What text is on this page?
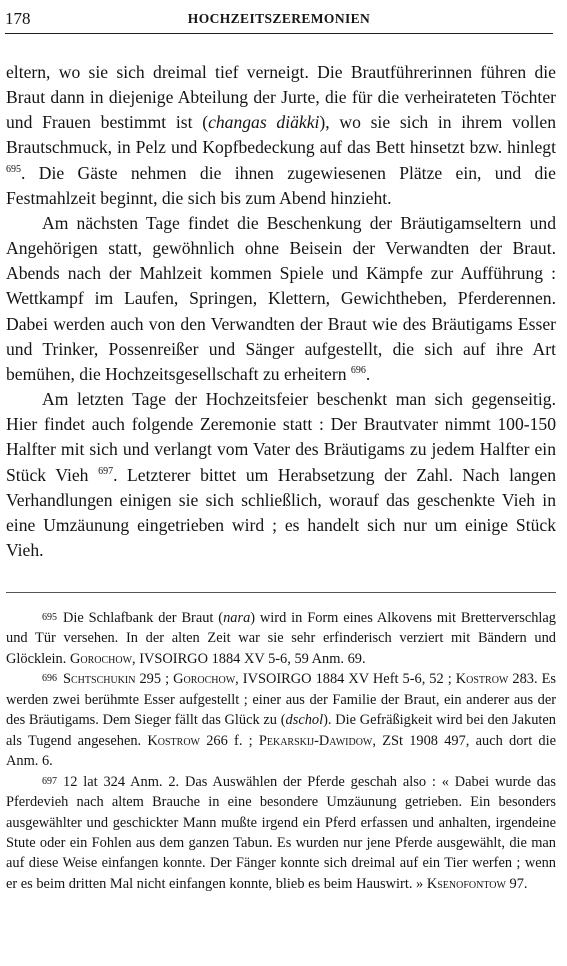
178	HOCHZEITSZEREMONIEN

eltern, wo sie sich dreimal tief verneigt. Die Brautführerinnen führen die Braut dann in diejenige Abteilung der Jurte, die für die verheirateten Töchter und Frauen bestimmt ist (changas diäkki), wo sie sich in ihrem vollen Brautschmuck, in Pelz und Kopfbedeckung auf das Bett hinsetzt bzw. hinlegt $^{695}$. Die Gäste nehmen die ihnen zugewiesenen Plätze ein, und die Festmahlzeit beginnt, die sich bis zum Abend hinzieht.

Am nächsten Tage findet die Beschenkung der Bräutigamseltern und Angehörigen statt, gewöhnlich ohne Beisein der Verwandten der Braut. Abends nach der Mahlzeit kommen Spiele und Kämpfe zur Aufführung : Wettkampf im Laufen, Springen, Klettern, Gewichtheben, Pferderennen. Dabei werden auch von den Verwandten der Braut wie des Bräutigams Esser und Trinker, Possenreißer und Sänger aufgestellt, die sich auf ihre Art bemühen, die Hochzeitsgesellschaft zu erheitern $^{696}$.

Am letzten Tage der Hochzeitsfeier beschenkt man sich gegenseitig. Hier findet auch folgende Zeremonie statt : Der Brautvater nimmt 100-150 Halfter mit sich und verlangt vom Vater des Bräutigams zu jedem Halfter ein Stück Vieh $^{697}$. Letzterer bittet um Herabsetzung der Zahl. Nach langen Verhandlungen einigen sie sich schließlich, worauf das geschenkte Vieh in eine Umzäunung eingetrieben wird ; es handelt sich nur um einige Stück Vieh.

695 Die Schlafbank der Braut (nara) wird in Form eines Alkovens mit Bretterverschlag und Tür versehen. In der alten Zeit war sie sehr erfinderisch verziert mit Bändern und Glöcklein. Gorochow, IVSOIRGO 1884 XV 5-6, 59 Anm. 69.

696 Schtschukin 295 ; Gorochow, IVSOIRGO 1884 XV Heft 5-6, 52 ; Kostrow 283. Es werden zwei berühmte Esser aufgestellt ; einer aus der Familie der Braut, ein anderer aus der des Bräutigams. Dem Sieger fällt das Glück zu (dschol). Die Gefräßigkeit wird bei den Jakuten als Tugend angesehen. Kostrow 266 f. ; Pekarskij-Dawidow, ZSt 1908 497, auch dort die Anm. 6.

697 12 lat 324 Anm. 2. Das Auswählen der Pferde geschah also : « Dabei wurde das Pferdevieh nach altem Brauche in eine besondere Umzäunung getrieben. Ein besonders ausgewählter und geschickter Mann mußte irgend ein Pferd erfassen und anhalten, irgendeine Stute oder ein Fohlen aus dem ganzen Tabun. Es wurden nur jene Pferde ausgewählt, die man auf diese Weise einfangen konnte. Der Fänger konnte sich dreimal auf ein Tier werfen ; wenn er es beim dritten Mal nicht einfangen konnte, blieb es beim Hauswirt. » Ksenofontow 97.
